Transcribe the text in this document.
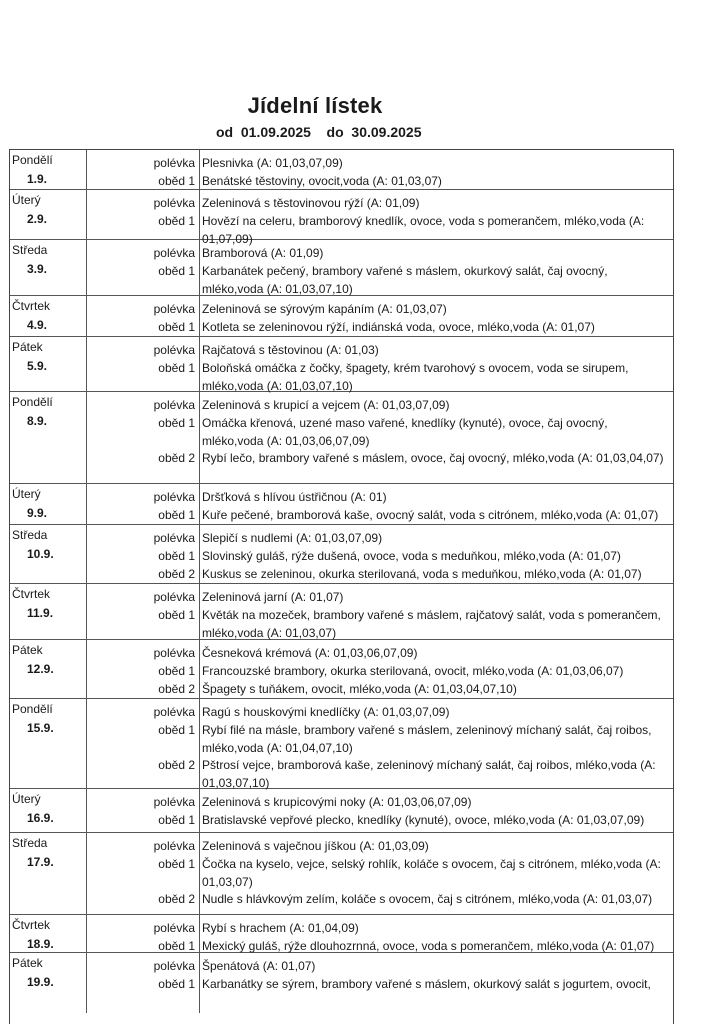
Jídelní lístek
od 01.09.2025 do 30.09.2025
Pondělí
1.9.
polévka
oběd 1
Plesnivka (A: 01,03,07,09)
Benátské těstoviny, ovocit,voda (A: 01,03,07)
Úterý
2.9.
polévka
oběd 1
Zeleninová s těstovinovou rýží (A: 01,09)
Hovězí na celeru, bramborový knedlík, ovoce, voda s pomerančem, mléko,voda (A: 01,07,09)
Středa
3.9.
polévka
oběd 1
Bramborová (A: 01,09)
Karbanátek pečený, brambory vařené s máslem, okurkový salát, čaj ovocný, mléko,voda (A: 01,03,07,10)
Čtvrtek
4.9.
polévka
oběd 1
Zeleninová se sýrovým kapáním (A: 01,03,07)
Kotleta se zeleninovou rýží, indiánská voda, ovoce, mléko,voda (A: 01,07)
Pátek
5.9.
polévka
oběd 1
Rajčatová s těstovinou (A: 01,03)
Boloňská omáčka z čočky, špagety, krém tvarohový s ovocem, voda se sirupem, mléko,voda (A: 01,03,07,10)
Pondělí
8.9.
polévka
oběd 1
oběd 2
Zeleninová s krupicí a vejcem (A: 01,03,07,09)
Omáčka křenová, uzené maso vařené, knedlíky (kynuté), ovoce, čaj ovocný, mléko,voda (A: 01,03,06,07,09)
Rybí lečo, brambory vařené s máslem, ovoce, čaj ovocný, mléko,voda (A: 01,03,04,07)
Úterý
9.9.
polévka
oběd 1
Dršťková s hlívou ústřičnou (A: 01)
Kuře pečené, bramborová kaše, ovocný salát, voda s citrónem, mléko,voda (A: 01,07)
Středa
10.9.
polévka
oběd 1
oběd 2
Slepičí s nudlemi (A: 01,03,07,09)
Slovinský guláš, rýže dušená, ovoce, voda s meduňkou, mléko,voda (A: 01,07)
Kuskus se zeleninou, okurka sterilovaná, voda s meduňkou, mléko,voda (A: 01,07)
Čtvrtek
11.9.
polévka
oběd 1
Zeleninová jarní (A: 01,07)
Květák na mozeček, brambory vařené s máslem, rajčatový salát, voda s pomerančem, mléko,voda (A: 01,03,07)
Pátek
12.9.
polévka
oběd 1
oběd 2
Česneková krémová (A: 01,03,06,07,09)
Francouzské brambory, okurka sterilovaná, ovocit, mléko,voda (A: 01,03,06,07)
Špagety s tuňákem, ovocit, mléko,voda (A: 01,03,04,07,10)
Pondělí
15.9.
polévka
oběd 1
oběd 2
Ragú s houskovými knedlíčky (A: 01,03,07,09)
Rybí filé na másle, brambory vařené s máslem, zeleninový míchaný salát, čaj roibos, mléko,voda (A: 01,04,07,10)
Pštrosí vejce, bramborová kaše, zeleninový míchaný salát, čaj roibos, mléko,voda (A: 01,03,07,10)
Úterý
16.9.
polévka
oběd 1
Zeleninová s krupicovými noky (A: 01,03,06,07,09)
Bratislavské vepřové plecko, knedlíky (kynuté), ovoce, mléko,voda (A: 01,03,07,09)
Středa
17.9.
polévka
oběd 1
oběd 2
Zeleninová s vaječnou jíškou (A: 01,03,09)
Čočka na kyselo, vejce, selský rohlík, koláče s ovocem, čaj s citrónem, mléko,voda (A: 01,03,07)
Nudle s hlávkovým zelím, koláče s ovocem, čaj s citrónem, mléko,voda (A: 01,03,07)
Čtvrtek
18.9.
polévka
oběd 1
Rybí s hrachem (A: 01,04,09)
Mexický guláš, rýže dlouhozrnná, ovoce, voda s pomerančem, mléko,voda (A: 01,07)
Pátek
19.9.
polévka
oběd 1
Špenátová (A: 01,07)
Karbanátky se sýrem, brambory vařené s máslem, okurkový salát s jogurtem, ovocit,
